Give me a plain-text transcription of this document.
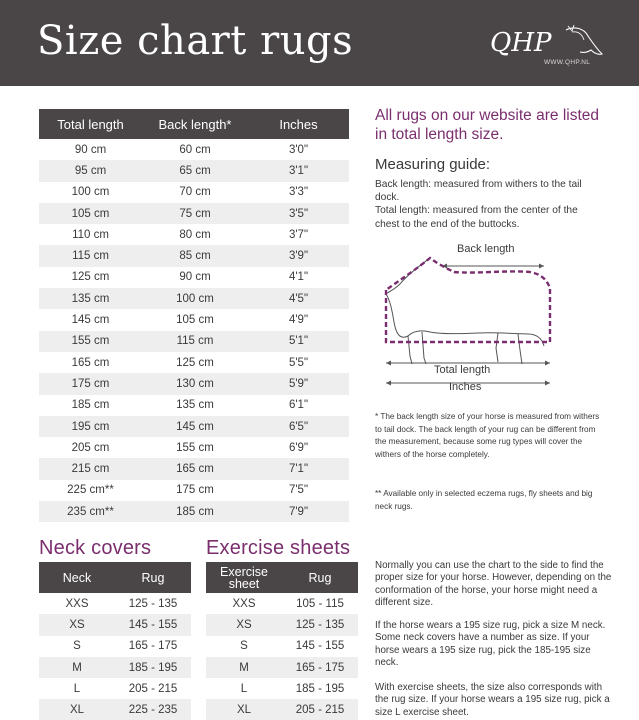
Size chart rugs	QHP
WWW.QHP.NL
Total length	Back length*	Inches
90 cm	60 cm	3'0"
95 cm	65 cm	3'1"
100 cm	70 cm	3'3"
105 cm	75 cm	3'5"
110 cm	80 cm	3'7"
115 cm	85 cm	3'9"
125 cm	90 cm	4'1"
135 cm	100 cm	4'5"
145 cm	105 cm	4'9"
155 cm	115 cm	5'1"
165 cm	125 cm	5'5"
175 cm	130 cm	5'9"
185 cm	135 cm	6'1"
195 cm	145 cm	6'5"
205 cm	155 cm	6'9"
215 cm	165 cm	7'1"
225 cm**	175 cm	7'5"
235 cm**	185 cm	7'9"
Neck covers
Neck	Rug
XXS	125 - 135
XS	145 - 155
S	165 - 175
M	185 - 195
L	205 - 215
XL	225 - 235
Exercise sheets
Exercise sheet	Rug
XXS	105 - 115
XS	125 - 135
S	145 - 155
M	165 - 175
L	185 - 195
XL	205 - 215
All rugs on our website are listed in total length size.
Measuring guide:
Back length: measured from withers to the tail dock.
Total length: measured from the center of the chest to the end of the buttocks.
Back length
Total length
Inches
* The back length size of your horse is measured from withers to tail dock. The back length of your rug can be different from the measurement, because some rug types will cover the withers of the horse completely.
** Available only in selected eczema rugs, fly sheets and big neck rugs.
Normally you can use the chart to the side to find the proper size for your horse. However, depending on the conformation of the horse, your horse might need a different size.
If the horse wears a 195 size rug, pick a size M neck. Some neck covers have a number as size. If your horse wears a 195 size rug, pick the 185-195 size neck.
With exercise sheets, the size also corresponds with the rug size. If your horse wears a 195 size rug, pick a size L exercise sheet.
